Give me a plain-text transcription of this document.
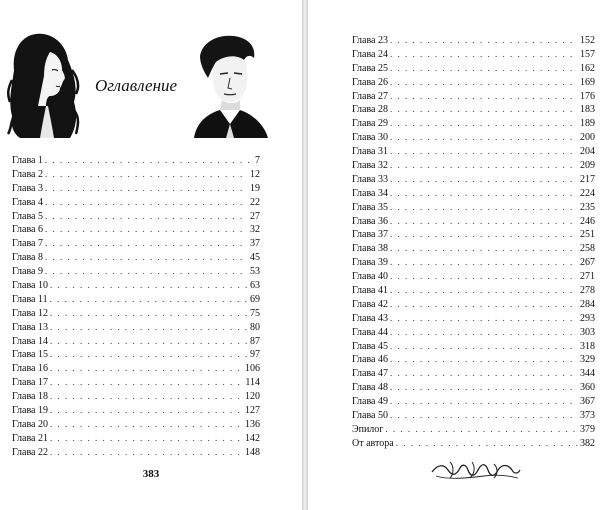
Оглавление
Глава 1 . . .	7
Глава 2 . . .	12
Глава 3 . . .	19
Глава 4 . . .	22
Глава 5 . . .	27
Глава 6 . . .	32
Глава 7 . . .	37
Глава 8 . . .	45
Глава 9 . . .	53
Глава 10 . . .	63
Глава 11 . . .	69
Глава 12 . . .	75
Глава 13 . . .	80
Глава 14 . . .	87
Глава 15 . . .	97
Глава 16 . . .	106
Глава 17 . . .	114
Глава 18 . . .	120
Глава 19 . . .	127
Глава 20 . . .	136
Глава 21 . . .	142
Глава 22 . . .	148
383
Глава 23 . . .	152
Глава 24 . . .	157
Глава 25 . . .	162
Глава 26 . . .	169
Глава 27 . . .	176
Глава 28 . . .	183
Глава 29 . . .	189
Глава 30 . . .	200
Глава 31 . . .	204
Глава 32 . . .	209
Глава 33 . . .	217
Глава 34 . . .	224
Глава 35 . . .	235
Глава 36 . . .	246
Глава 37 . . .	251
Глава 38 . . .	258
Глава 39 . . .	267
Глава 40 . . .	271
Глава 41 . . .	278
Глава 42 . . .	284
Глава 43 . . .	293
Глава 44 . . .	303
Глава 45 . . .	318
Глава 46 . . .	329
Глава 47 . . .	344
Глава 48 . . .	360
Глава 49 . . .	367
Глава 50 . . .	373
Эпилог . . .	379
От автора . . .	382
